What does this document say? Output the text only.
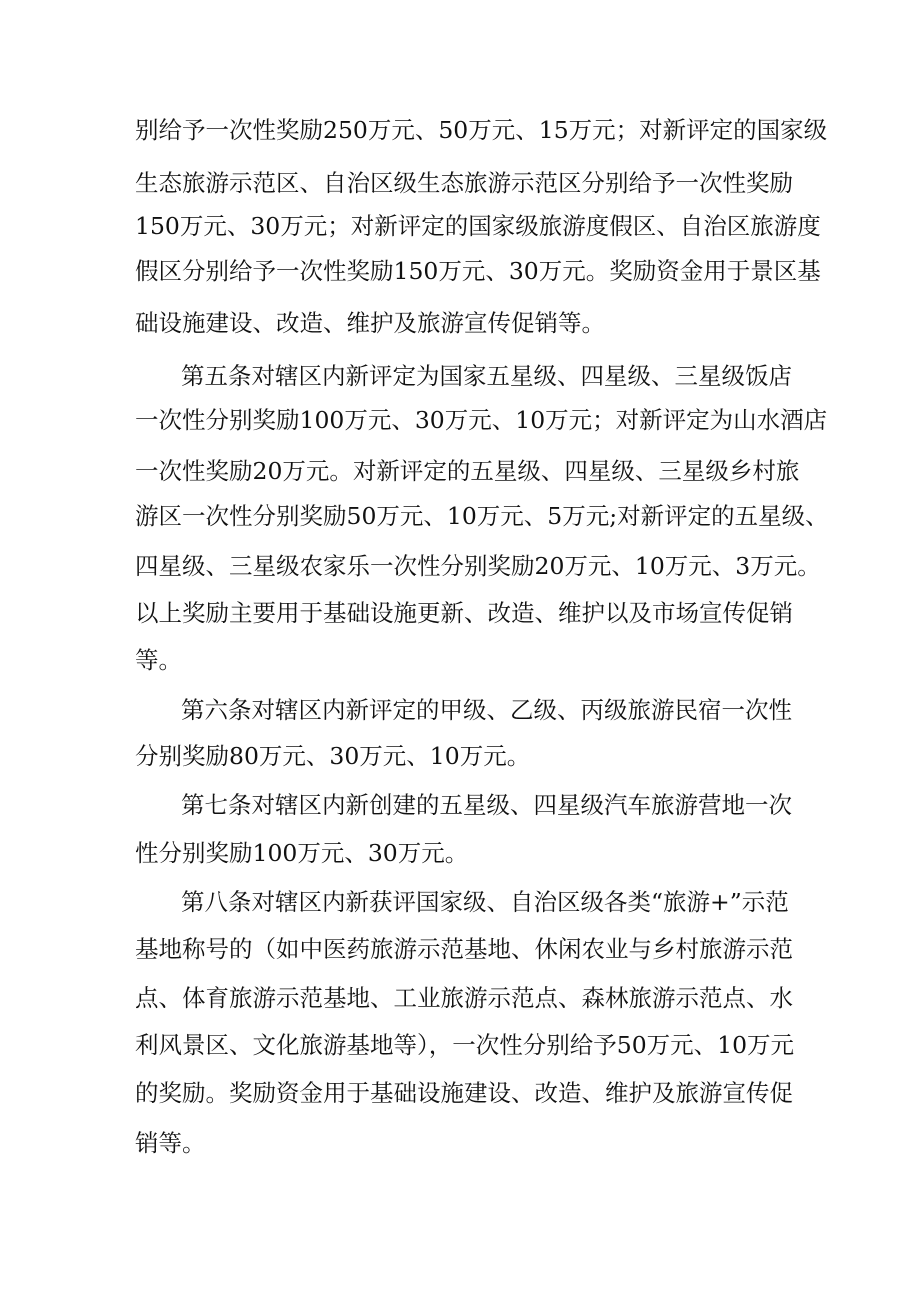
别给予一次性奖励250万元、50万元、15万元；对新评定的国家级
生态旅游示范区、自治区级生态旅游示范区分别给予一次性奖励
150万元、30万元；对新评定的国家级旅游度假区、自治区旅游度
假区分别给予一次性奖励150万元、30万元。奖励资金用于景区基
础设施建设、改造、维护及旅游宣传促销等。
第五条对辖区内新评定为国家五星级、四星级、三星级饭店
一次性分别奖励100万元、30万元、10万元；对新评定为山水酒店
一次性奖励20万元。对新评定的五星级、四星级、三星级乡村旅
游区一次性分别奖励50万元、10万元、5万元;对新评定的五星级、
四星级、三星级农家乐一次性分别奖励20万元、10万元、3万元。
以上奖励主要用于基础设施更新、改造、维护以及市场宣传促销
等。
第六条对辖区内新评定的甲级、乙级、丙级旅游民宿一次性
分别奖励80万元、30万元、10万元。
第七条对辖区内新创建的五星级、四星级汽车旅游营地一次
性分别奖励100万元、30万元。
第八条对辖区内新获评国家级、自治区级各类“旅游+”示范
基地称号的（如中医药旅游示范基地、休闲农业与乡村旅游示范
点、体育旅游示范基地、工业旅游示范点、森林旅游示范点、水
利风景区、文化旅游基地等），一次性分别给予50万元、10万元
的奖励。奖励资金用于基础设施建设、改造、维护及旅游宣传促
销等。
